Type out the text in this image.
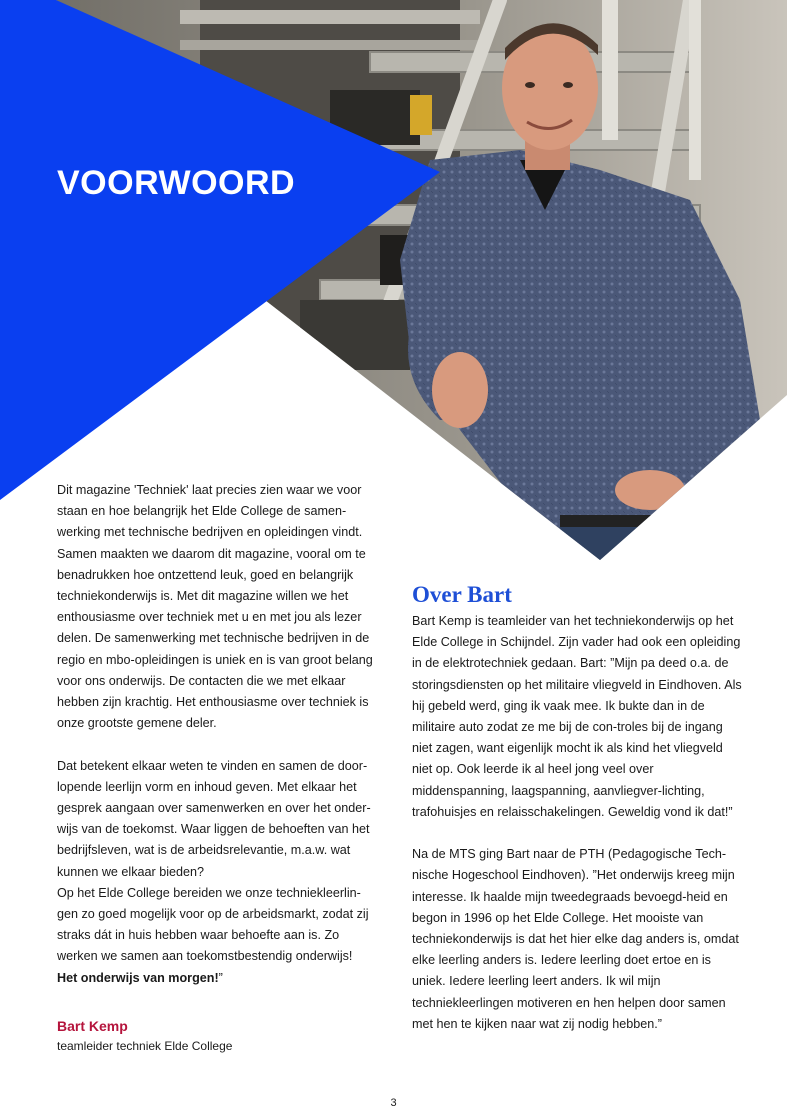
VOORWOORD

Dit magazine 'Techniek' laat precies zien waar we voor staan en hoe belangrijk het Elde College de samen-werking met technische bedrijven en opleidingen vindt. Samen maakten we daarom dit magazine, vooral om te benadrukken hoe ontzettend leuk, goed en belangrijk techniekonderwijs is. Met dit magazine willen we het enthousiasme over techniek met u en met jou als lezer delen. De samenwerking met technische bedrijven in de regio en mbo-opleidingen is uniek en is van groot belang voor ons onderwijs. De contacten die we met elkaar hebben zijn krachtig. Het enthousiasme over techniek is onze grootste gemene deler.

Dat betekent elkaar weten te vinden en samen de door-lopende leerlijn vorm en inhoud geven. Met elkaar het gesprek aangaan over samenwerken en over het onder-wijs van de toekomst. Waar liggen de behoeften van het bedrijfsleven, wat is de arbeidsrelevantie, m.a.w. wat kunnen we elkaar bieden?
Op het Elde College bereiden we onze techniekleerlin-gen zo goed mogelijk voor op de arbeidsmarkt, zodat zij straks dát in huis hebben waar behoefte aan is. Zo werken we samen aan toekomstbestendig onderwijs!
Het onderwijs van morgen!”

Bart Kemp
teamleider techniek Elde College
Over Bart

Bart Kemp is teamleider van het techniekonderwijs op het Elde College in Schijndel. Zijn vader had ook een opleiding in de elektrotechniek gedaan. Bart: ”Mijn pa deed o.a. de storingsdiensten op het militaire vliegveld in Eindhoven. Als hij gebeld werd, ging ik vaak mee. Ik bukte dan in de militaire auto zodat ze me bij de con-troles bij de ingang niet zagen, want eigenlijk mocht ik als kind het vliegveld niet op. Ook leerde ik al heel jong veel over middenspanning, laagspanning, aanvliegver-lichting, trafohuisjes en relaisschakelingen. Geweldig vond ik dat!”

Na de MTS ging Bart naar de PTH (Pedagogische Tech-nische Hogeschool Eindhoven). ”Het onderwijs kreeg mijn interesse. Ik haalde mijn tweedegraads bevoegd-heid en begon in 1996 op het Elde College. Het mooiste van techniekonderwijs is dat het hier elke dag anders is, omdat elke leerling anders is. Iedere leerling doet ertoe en is uniek. Iedere leerling leert anders. Ik wil mijn techniekleerlingen motiveren en hen helpen door samen met hen te kijken naar wat zij nodig hebben.”

3
